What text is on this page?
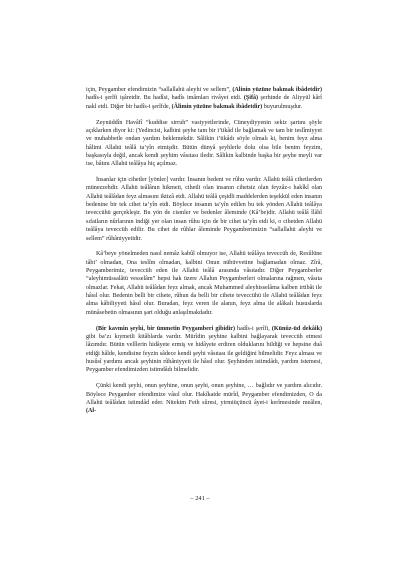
için, Peygamber efendimizin “sallallahü aleyhi ve sellem”, (Alinin yüzüne bakmak ibâdetdir) hadîs-i şerîfi işâretdir. Bu hadîsi, hadîs imâmları rivâyet etdi. (Şifâ) şerhinde de Aliyyül kârî nakl etdi. Diğer bir hadîs-i şerîfde, (Âlimin yüzüne bakmak ibâdetdir) buyurulmuşdur.

Zeynüddîn Havâfî “kuddise sirruh” vasiyyetlerinde, Cüneydiyyenin sekiz şartını şöyle açıklarken diyor ki: (Yedincisi, kalbini şeyhe tam bir i’tikâd ile bağlamak ve tam bir teslîmiyyet ve muhabbetle ondan yardım beklemekdir. Sâlikin i’tikâdı söyle olmalı ki, benim feyz alma hâlimi Allahü teâlâ ta’yîn etmişdir. Bütün dünyâ şeyhlerle dolu olsa bile benim feyzim, başkasıyla değil, ancak kendi şeyhim vâsıtası iledir. Sâlikin kalbinde başka bir şeyhe meyli var ise, bâtını Allahü teâlâya hiç açılmaz.

İnsanlar için cihetler [yönler] vardır. İnsanın bedeni ve rûhu vardır. Allahü teâlâ cihetlerden münezzehdir. Allahü teâlânın hikmeti, cihetli olan insanın cihetsiz olan feyzâz-ı hakîkî olan Allahü teâlâdan feyz almasını iktizâ etdi. Allahü teâlâ çeşidli maddelerden teşekkül eden insanın bedenine bir tek cihet ta’yîn etdi. Böylece insanın ta’yîn edilen bu tek yönden Allahü teâlâya teveccühü gerçekleşir. Bu yön de cismler ve bedenler âleminde (Kâ’be)dir. Allahü teâlâ îlâhî sıfatların nûrlarının indiği yer olan insan rûhu için de bir cihet ta’yîn etdi ki, o cihetden Allahü teâlâya teveccüh edilir. Bu cihet de rûhlar âleminde Peygamberimizin “sallallahü aleyhi ve sellem” rûhâniyyetidir.

Kâ’beye yönelmeden nasıl nemâz kabûl olmuyor ise, Allahü teâlâya teveccüh de, Resûlüne tâbi’ olmadan, Ona teslîm olmadan, kalbini Onun nübüvvetine bağlamadan olmaz. Zîrâ, Peygamberimiz, teveccüh eden ile Allahü teâlâ arasında vâsıtadır. Diğer Peygamberler “aleyhimüssalâtü vesselâm” hepsi hak üzere Allahın Peygamberleri olmalarına rağmen, vâsıta olmazlar. Fekat, Allahü teâlâdan feyz almak, ancak Muhammed aleyhisselâma kalben irtibât ile hâsıl olur. Bedenin belli bir cihete, rûhun da belli bir cihete teveccühü ile Allahü teâlâdan feyz alma kâbiliyyeti hâsıl olur. Buradan, feyz veren ile alanın, feyz alma ile alâkalı hususlarda münâsebetin olmasının şart olduğu anlaşılmakdadır.

(Bir kavmin şeyhi, bir ümmetin Peygamberi gibidir) hadîs-i şerîfi, (Künûz-üd dekâik) gibi ba’zı kıymetli kitâblarda vardır. Mürîdin şeyhine kalbini bağlayarak teveccüh etmesi lâzımdır. Bütün velîlerin hidâyete ermiş ve hidâyete erdiren olduklarını bildiği ve hepsine duâ etdiği hâlde, kendisine feyzin sâdece kendi şeyhi vâsıtası ile geldiğini bilmelidir. Feyz alması ve husûsî yardımı ancak şeyhinin rûhâniyyeti ile hâsıl olur. Şeyhinden istimdâdı, yardım istemesi, Peygamber efendimizden istimdâdı bilmelidir.

Çünki kendi şeyhi, onun şeyhine, onun şeyhi, onun şeyhine, … bağlıdır ve yardım alıcıdır. Böylece Peygamber efendimize vâsıl olur. Hakîkatde mürîd, Peygamber efendimizden, O da Allahü teâlâdan istimdâd eder. Nitekim Feth sûresi, yirmiüçüncü âyet-i kerîmesinde meâlen, (Al-

– 241 –
